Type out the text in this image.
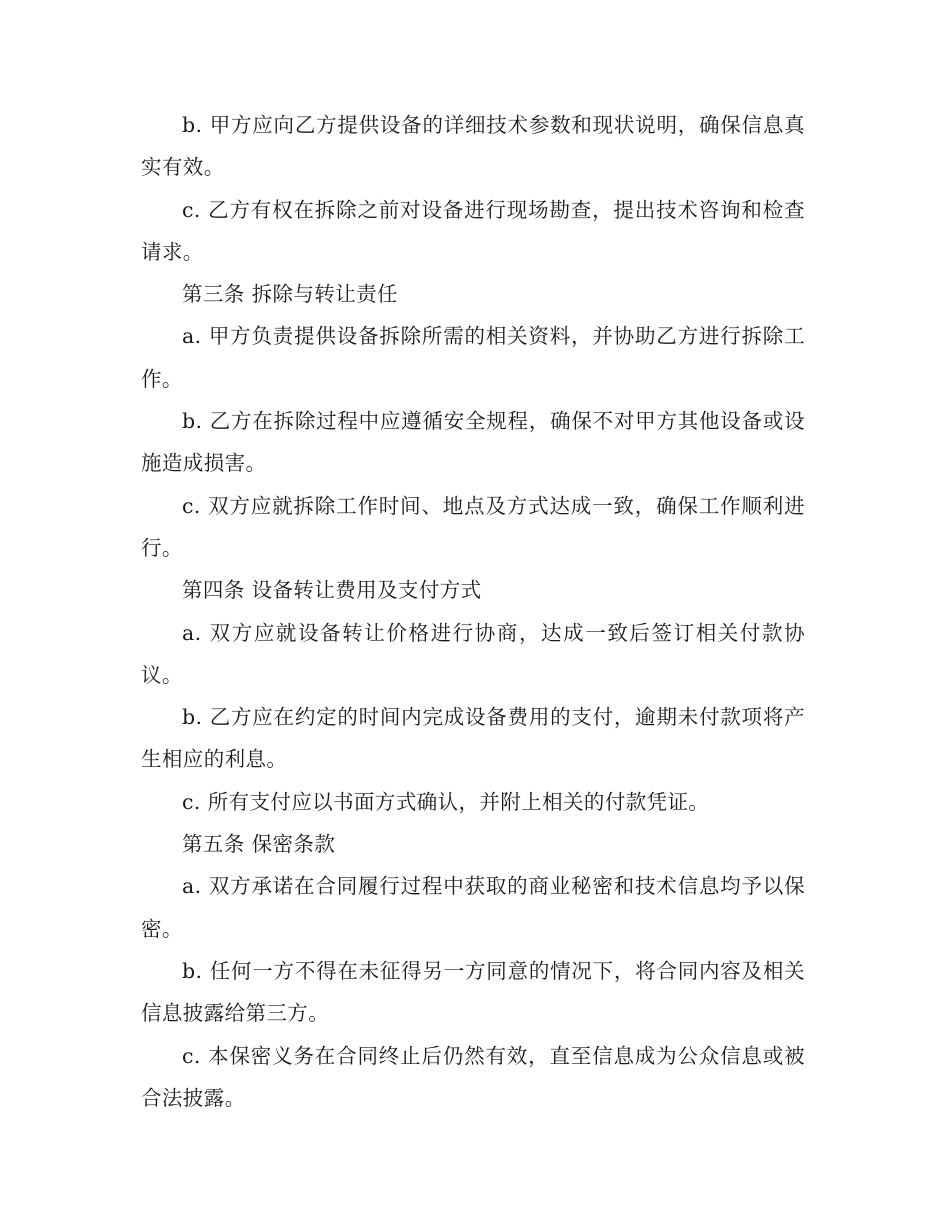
b. 甲方应向乙方提供设备的详细技术参数和现状说明，确保信息真实有效。

c. 乙方有权在拆除之前对设备进行现场勘查，提出技术咨询和检查请求。

第三条 拆除与转让责任

a. 甲方负责提供设备拆除所需的相关资料，并协助乙方进行拆除工作。

b. 乙方在拆除过程中应遵循安全规程，确保不对甲方其他设备或设施造成损害。

c. 双方应就拆除工作时间、地点及方式达成一致，确保工作顺利进行。

第四条 设备转让费用及支付方式

a. 双方应就设备转让价格进行协商，达成一致后签订相关付款协议。

b. 乙方应在约定的时间内完成设备费用的支付，逾期未付款项将产生相应的利息。

c. 所有支付应以书面方式确认，并附上相关的付款凭证。

第五条 保密条款

a. 双方承诺在合同履行过程中获取的商业秘密和技术信息均予以保密。

b. 任何一方不得在未征得另一方同意的情况下，将合同内容及相关信息披露给第三方。

c. 本保密义务在合同终止后仍然有效，直至信息成为公众信息或被合法披露。
